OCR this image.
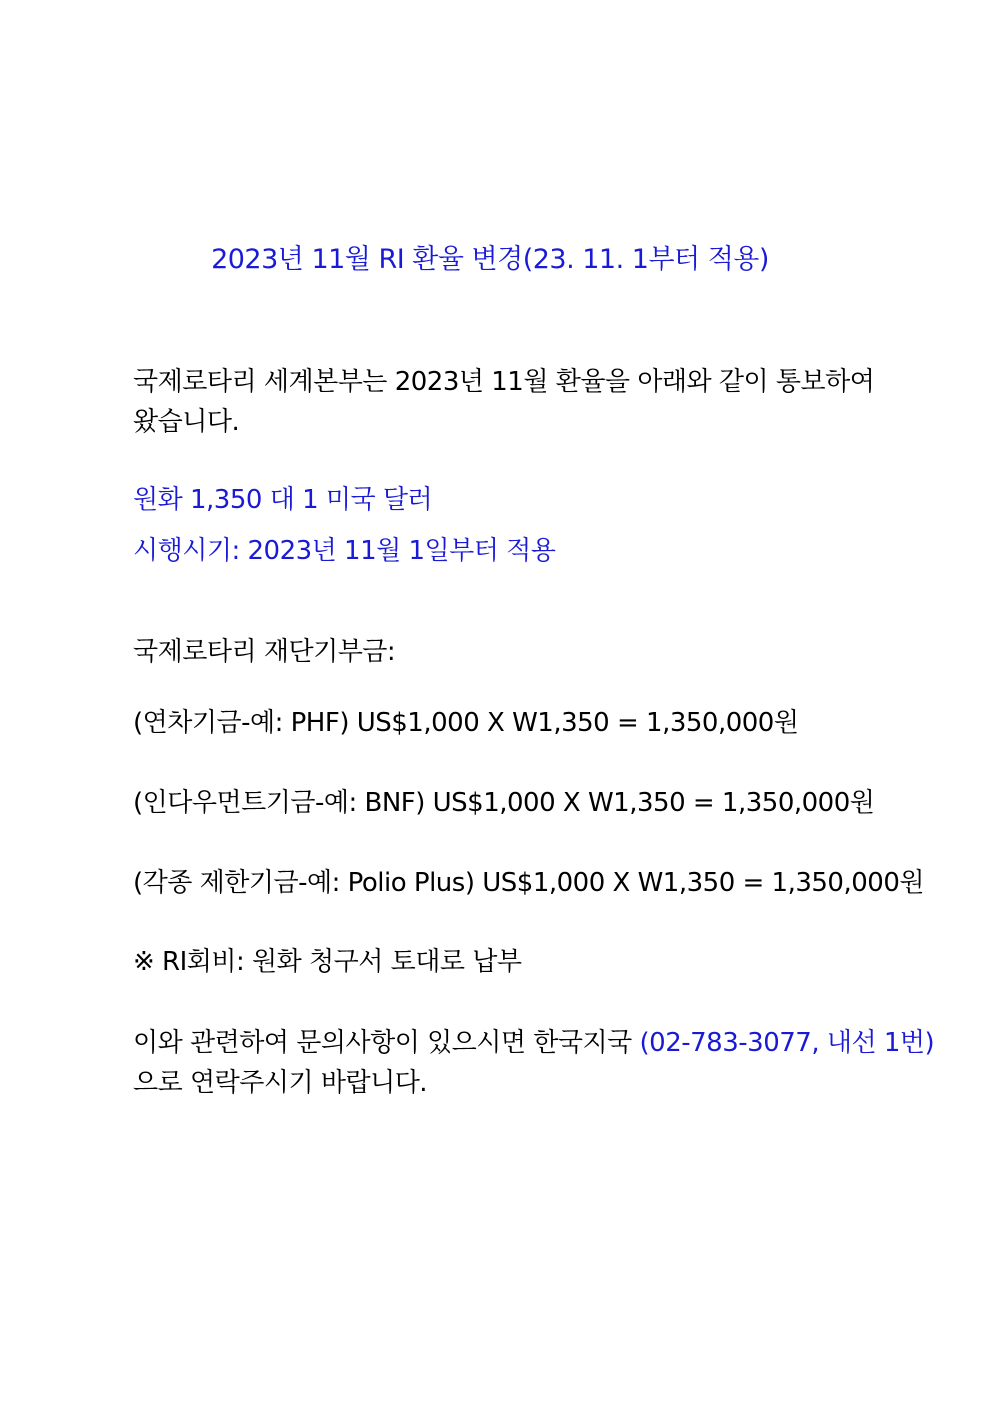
2023년 11월 RI 환율 변경(23. 11. 1부터 적용)
국제로타리 세계본부는 2023년 11월 환율을 아래와 같이 통보하여
왔습니다.
원화 1,350 대 1 미국 달러
시행시기: 2023년 11월 1일부터 적용
국제로타리 재단기부금:
(연차기금-예: PHF) US$1,000 X W1,350 = 1,350,000원
(인다우먼트기금-예: BNF) US$1,000 X W1,350 = 1,350,000원
(각종 제한기금-예: Polio Plus) US$1,000 X W1,350 = 1,350,000원
※ RI회비: 원화 청구서 토대로 납부
이와 관련하여 문의사항이 있으시면 한국지국 (02-783-3077, 내선 1번)
으로 연락주시기 바랍니다.
